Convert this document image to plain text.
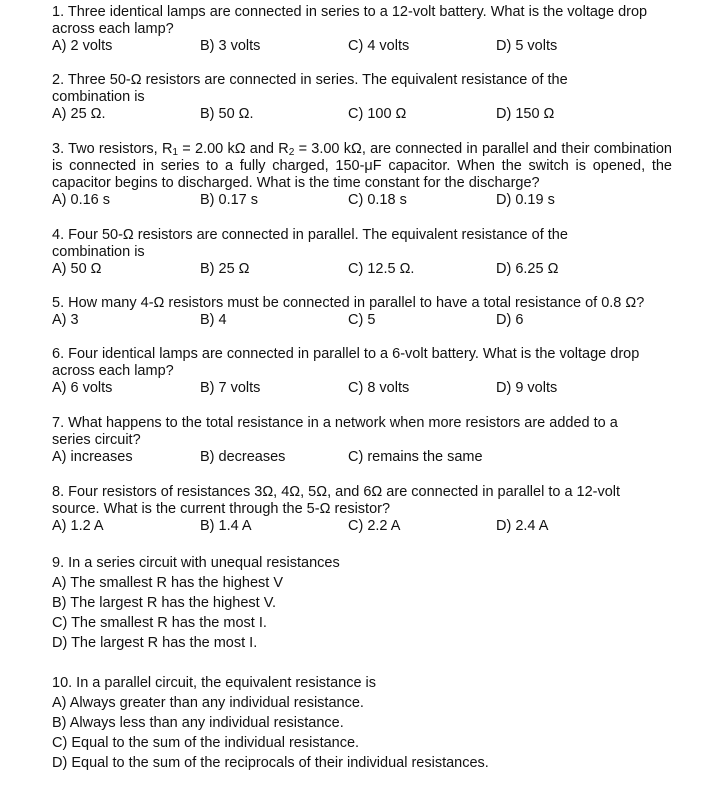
1. Three identical lamps are connected in series to a 12-volt battery. What is the voltage drop across each lamp?
A) 2 volts	B) 3 volts	C) 4 volts	D) 5 volts
2. Three 50-Ω resistors are connected in series. The equivalent resistance of the combination is
A) 25 Ω.	B) 50 Ω.	C) 100 Ω	D) 150 Ω
3. Two resistors, $R_1 = 2.00$ kΩ and $R_2 = 3.00$ kΩ, are connected in parallel and their combination is connected in series to a fully charged, 150-μF capacitor. When the switch is opened, the capacitor begins to discharged. What is the time constant for the discharge?
A) 0.16 s	B) 0.17 s	C) 0.18 s	D) 0.19 s
4. Four 50-Ω resistors are connected in parallel. The equivalent resistance of the combination is
A) 50 Ω	B) 25 Ω	C) 12.5 Ω.	D) 6.25 Ω
5. How many 4-Ω resistors must be connected in parallel to have a total resistance of 0.8 Ω?
A) 3	B) 4	C) 5	D) 6
6. Four identical lamps are connected in parallel to a 6-volt battery. What is the voltage drop across each lamp?
A) 6 volts	B) 7 volts	C) 8 volts	D) 9 volts
7. What happens to the total resistance in a network when more resistors are added to a series circuit?
A) increases	B) decreases	C) remains the same
8. Four resistors of resistances 3Ω, 4Ω, 5Ω, and 6Ω are connected in parallel to a 12-volt source. What is the current through the 5-Ω resistor?
A) 1.2 A	B) 1.4 A	C) 2.2 A	D) 2.4 A
9. In a series circuit with unequal resistances
A) The smallest R has the highest V
B) The largest R has the highest V.
C) The smallest R has the most I.
D) The largest R has the most I.
10. In a parallel circuit, the equivalent resistance is
A) Always greater than any individual resistance.
B) Always less than any individual resistance.
C) Equal to the sum of the individual resistance.
D) Equal to the sum of the reciprocals of their individual resistances.
